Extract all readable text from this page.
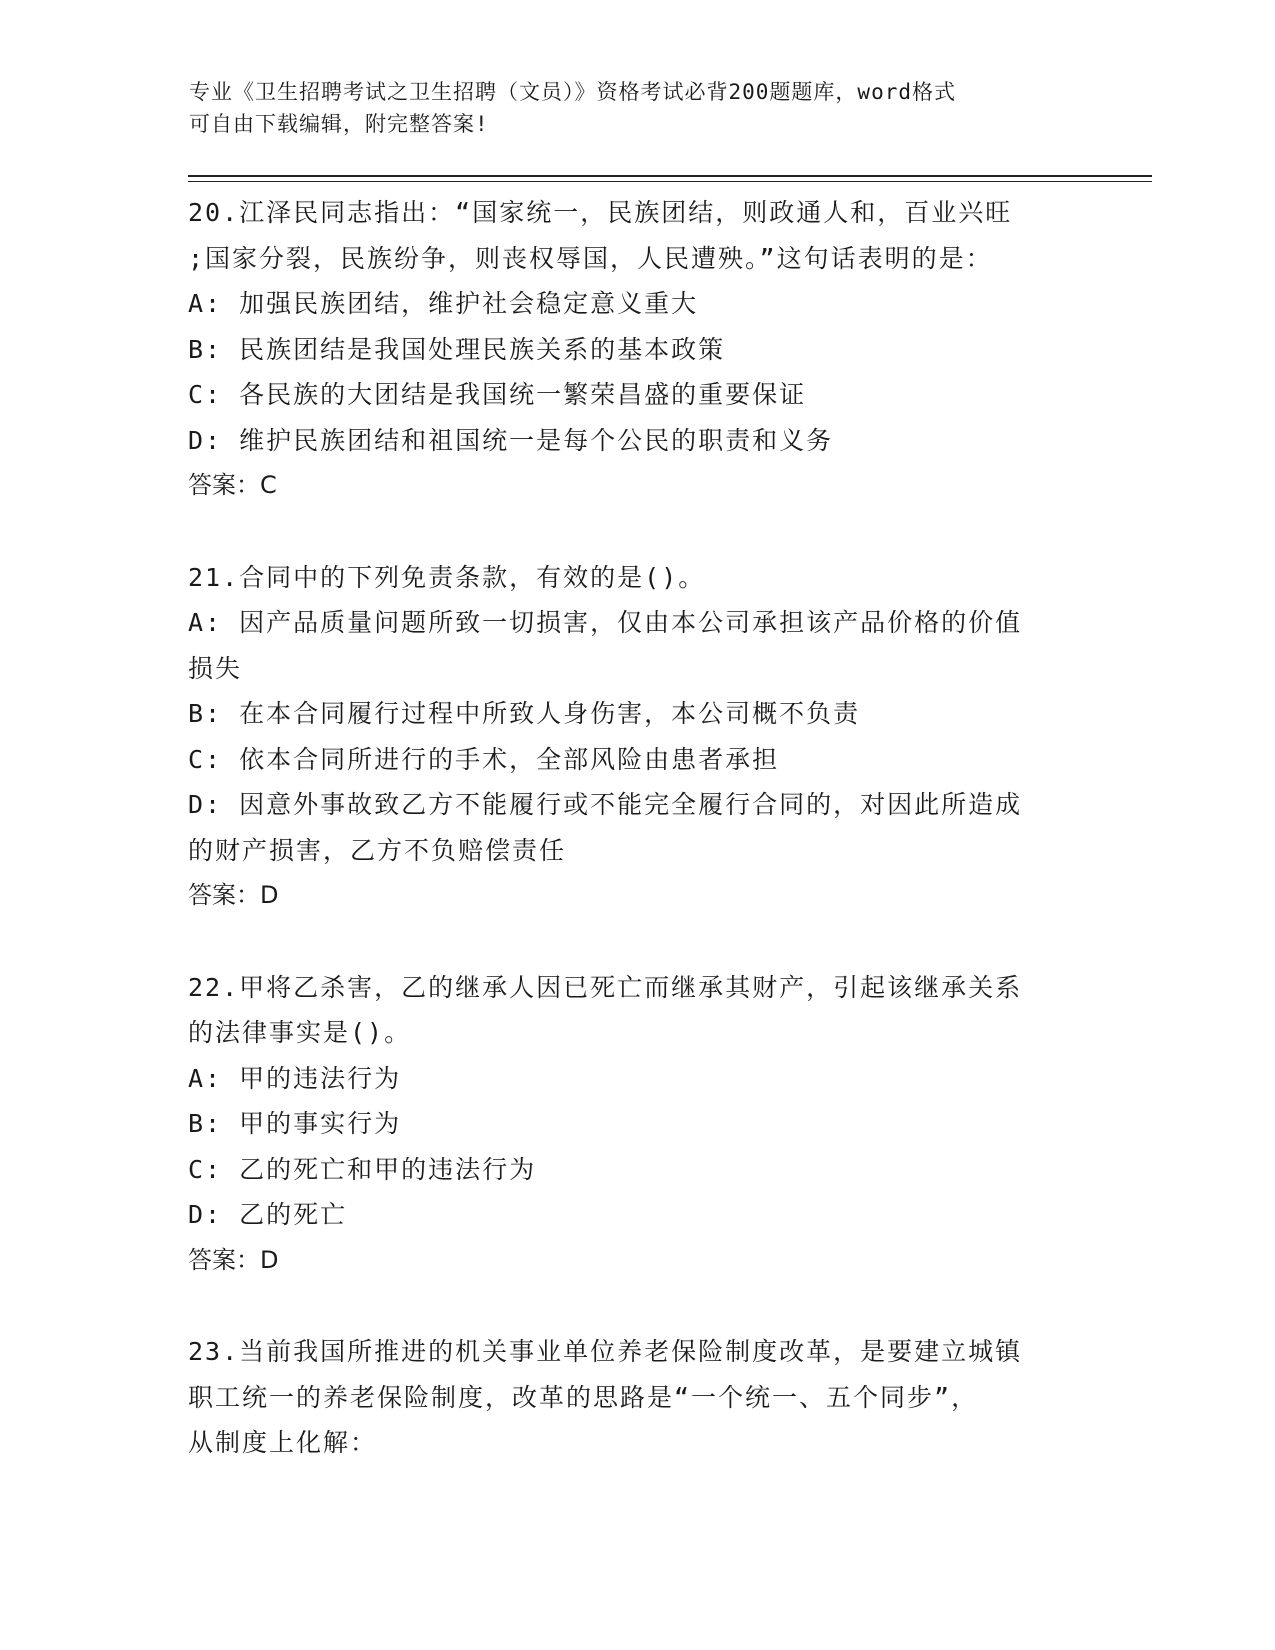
专业《卫生招聘考试之卫生招聘（文员）》资格考试必背200题题库，word格式
可自由下载编辑，附完整答案!
20.江泽民同志指出：“国家统一，民族团结，则政通人和，百业兴旺
;国家分裂，民族纷争，则丧权辱国，人民遭殃。”这句话表明的是：
A: 加强民族团结，维护社会稳定意义重大
B: 民族团结是我国处理民族关系的基本政策
C: 各民族的大团结是我国统一繁荣昌盛的重要保证
D: 维护民族团结和祖国统一是每个公民的职责和义务
答案：C
21.合同中的下列免责条款，有效的是()。
A: 因产品质量问题所致一切损害，仅由本公司承担该产品价格的价值
损失
B: 在本合同履行过程中所致人身伤害，本公司概不负责
C: 依本合同所进行的手术，全部风险由患者承担
D: 因意外事故致乙方不能履行或不能完全履行合同的，对因此所造成
的财产损害，乙方不负赔偿责任
答案：D
22.甲将乙杀害，乙的继承人因已死亡而继承其财产，引起该继承关系
的法律事实是()。
A: 甲的违法行为
B: 甲的事实行为
C: 乙的死亡和甲的违法行为
D: 乙的死亡
答案：D
23.当前我国所推进的机关事业单位养老保险制度改革，是要建立城镇
职工统一的养老保险制度，改革的思路是“一个统一、五个同步”，
从制度上化解：
